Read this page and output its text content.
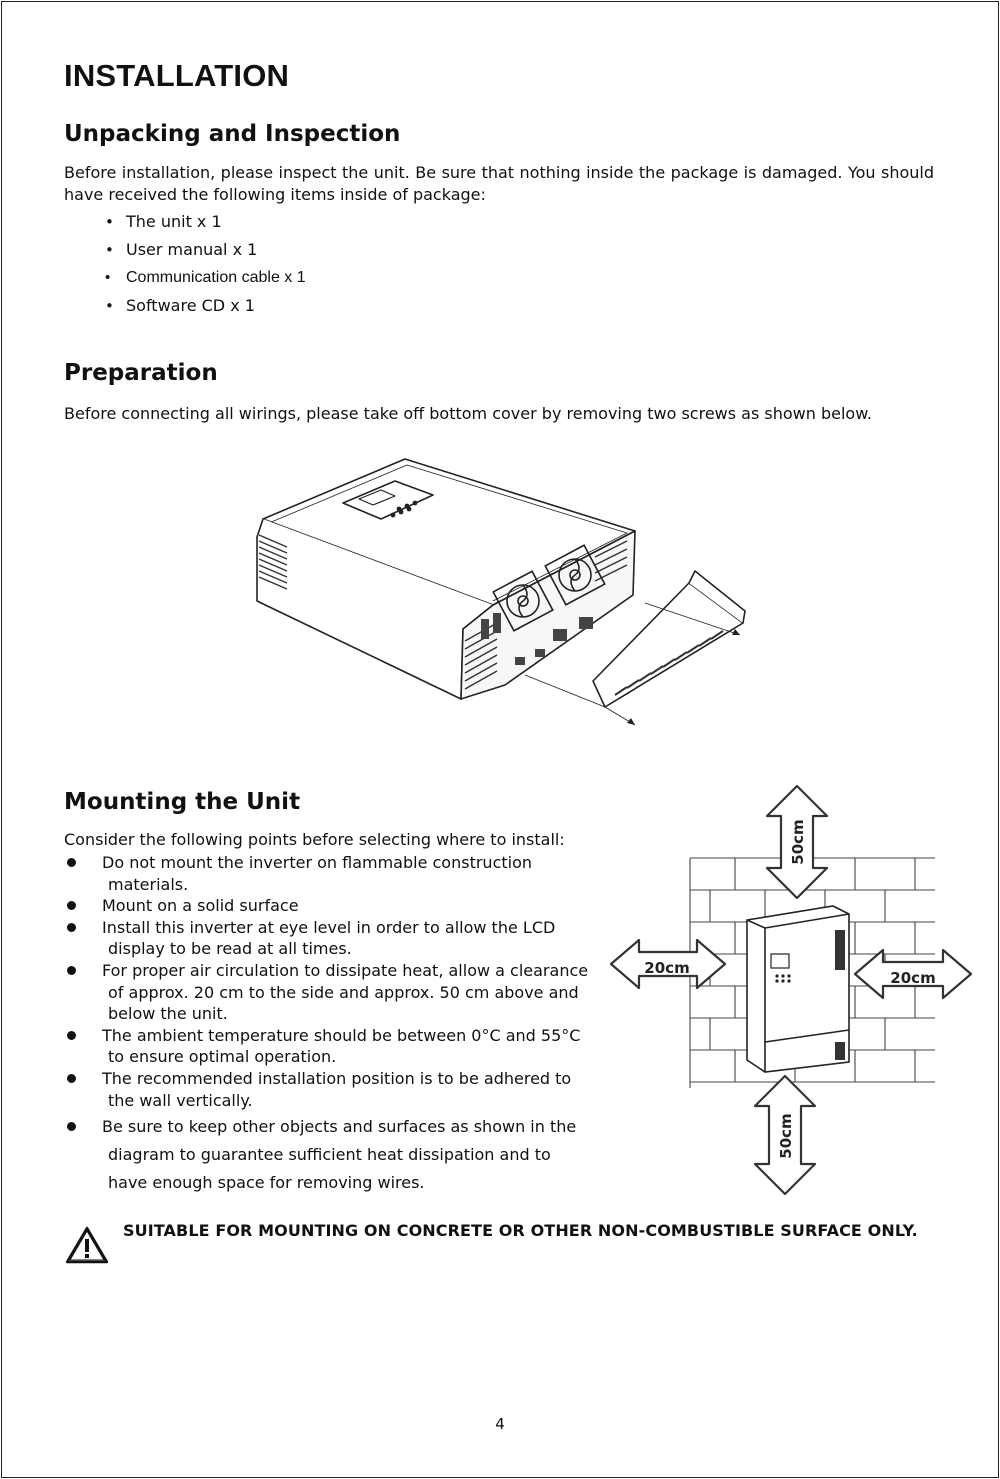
INSTALLATION
Unpacking and Inspection

Before installation, please inspect the unit. Be sure that nothing inside the package is damaged. You should have received the following items inside of package:

• The unit x 1
• User manual x 1
• Communication cable x 1
• Software CD x 1
Preparation

Before connecting all wirings, please take off bottom cover by removing two screws as shown below.

Mounting the Unit

Consider the following points before selecting where to install:

Do not mount the inverter on flammable construction
materials.
Mount on a solid surface
Install this inverter at eye level in order to allow the LCD
display to be read at all times.
For proper air circulation to dissipate heat, allow a clearance
of approx. 20 cm to the side and approx. 50 cm above and
below the unit.
The ambient temperature should be between 0°C and 55°C
to ensure optimal operation.
The recommended installation position is to be adhered to
the wall vertically.
Be sure to keep other objects and surfaces as shown in the
diagram to guarantee sufficient heat dissipation and to
have enough space for removing wires.
50cm
50cm
20cm
20cm
SUITABLE FOR MOUNTING ON CONCRETE OR OTHER NON-COMBUSTIBLE SURFACE ONLY.
4
